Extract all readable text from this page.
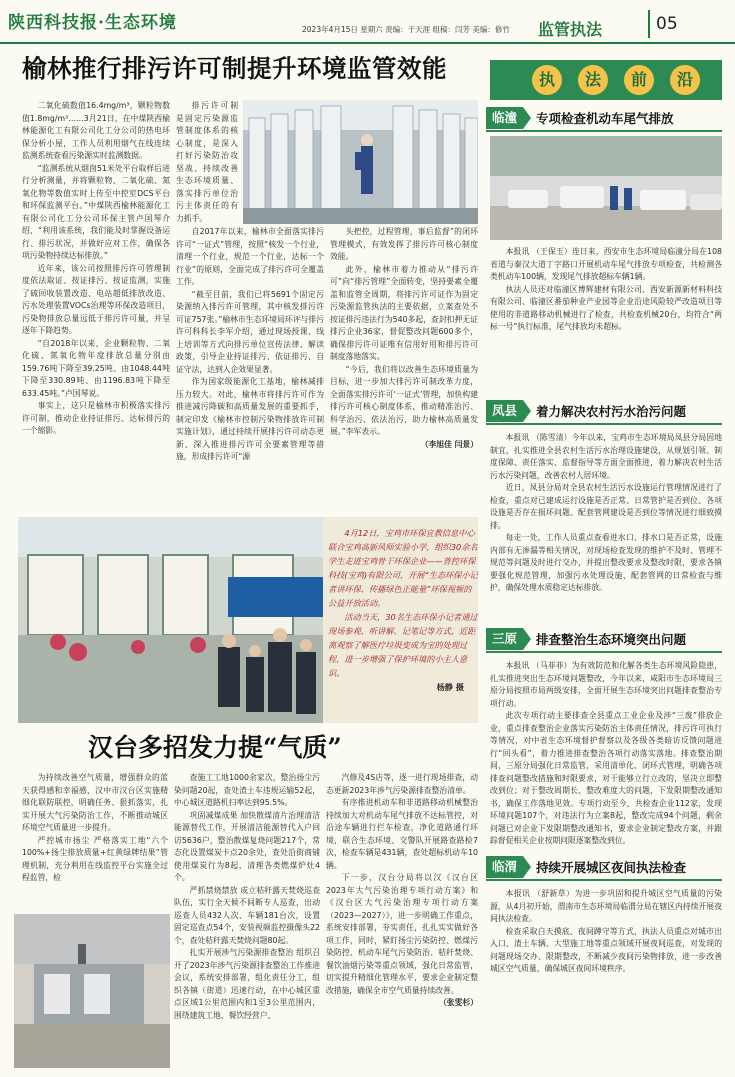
陕西科技报·生态环境	2023年4月15日 星期六 责编：于天涯 组稿：闫芳 美编：修竹 监管执法	05
榆林推行排污许可制提升环境监管效能

二氧化硫数值16.4mg/m³，颗粒物数值1.8mg/m³……3月21日，在中煤陕西榆林能源化工有限公司化工分公司的热电环保分析小屋，工作人员利用烟气在线连续监测系统查看污染源实时监测数据。

“监测系统从烟囱51米处平台取样后进行分析测量，并将颗粒物、二氧化硫、氮氧化物等数值实时上传至中控室DCS平台和环保监测平台。”中煤陕西榆林能源化工有限公司化工分公司环保主管卢国琴介绍，“利用该系统，我们能及时掌握设备运行、排污状况，并做好应对工作，确保各项污染物持续达标排放。”

近年来，该公司按照排污许可管理制度依法取证、按证排污、按证监测，实施了硫回收装置改造、电站超低排放改造、污水处理装置VOCs治理等环保改造项目，污染物排放总量远低于排污许可量，并呈逐年下降趋势。

“自2018年以来，企业颗粒物、二氧化硫、氮氧化物年度排放总量分别由159.76吨下降至39.25吨、由1048.44吨下降至330.89吨、由1196.83吨下降至633.45吨。”卢国琴说。

事实上，这只是榆林市积极落实排污许可制，推动企业持证排污、达标排污的一个缩影。

排污许可制是固定污染源监管制度体系的核心制度，是深入打好污染防治攻坚战、持续改善生态环境质量、落实排污单位治污主体责任的有力抓手。

自2017年以来，榆林市全面落实排污许可“一证式”管理，按照“核发一个行业，清理一个行业，规范一个行业，达标一个行业”的原则，全面完成了排污许可全覆盖工作。

“截至目前，我们已将5691个固定污染源纳入排污许可管理，其中核发排污许可证757张。”榆林市生态环境局环评与排污许可科科长李军介绍，通过现场授课、线上培训等方式向排污单位宣传法律、解读政策，引导企业持证排污、依证排污、自证守法，达到入企效果显著。

作为国家级能源化工基地，榆林减排压力较大。对此，榆林市将排污许可作为推进减污降碳和高质量发展的重要抓手，制定印发《榆林市控制污染物排放许可制实施计划》，通过持续开展排污许可动态更新、深入推进排污许可全要素管理等措施，形成排污许可“源

头把控，过程管理，事后监督”的闭环管理模式，有效发挥了排污许可核心制度效能。

此外，榆林市着力推动从“排污许可”向“排污管理”全面转变，坚持要素全覆盖和监管全周期，将排污许可证作为固定污染源监管执法的主要依据，立案查处不按证排污违法行为540多起，查封扣押无证排污企业36家，督促整改问题600多个，确保排污许可证唯有信用好用和排污许可制度落地落实。

“今后，我们将以改善生态环境质量为目标，进一步加大排污许可制改革力度，全面落实排污许可‘一证式’管理，加快构建排污许可核心制度体系，推动精准治污、科学治污、依法治污，助力榆林高质量发展。”李军表示。

（李旭佳 闫景）

4月12日，宝鸡市环保宣教信息中心联合宝鸡高新风师实验小学，组织30余名学生走进宝鸡骨干环保企业——普控环保科技(宝鸡)有限公司，开展“生态环保小记者讲环保、传播绿色正能量”环保视频的公益开放活动。

活动当天，30名生态环保小记者通过现场参观、听讲解、记笔记等方式，近距离观察了解医疗垃圾变成为宝的处理过程，进一步增强了保护环境的小主人意识。

杨静 摄

汉台多招发力提“气质”

为持续改善空气质量，增强群众的蓝天获得感和幸福感，汉中市汉台区实施精细化联防联控，明确任务、狠抓落实，扎实开展大气污染防治工作，不断推动城区环境空气质量进一步提升。

严控城市扬尘 严格落实工地“六个100%+扬尘排放质量+红黄绿牌结果”管理机制，充分利用在线监控平台实施全过程监管，检

查施工工地1000余家次，整治扬尘污染问题20起，查处渣土车违规运输52起，中心城区道路机扫率达到95.5%。

巩固减煤成果 加快散煤清片治理清洁能源替代工作，开展清洁能源替代入户回访5636户，整治散煤复烧问题217个，常态化设置煤炭卡点20余处，查处沿街商铺使用煤炭行为8起，清理各类燃煤炉灶4个。

严抓禁烧禁放 成立秸秆露天焚烧巡查队伍，实行全天候不间断专人巡查，出动巡查人员432人次、车辆181台次，设置固定巡查点54个，安装视频监控摄像头22个，查处秸秆露天焚烧问题80起。

扎实开展涉气污染源排查整治 组织召开了2023年涉气污染源排查整治工作推进会议，系统安排部署，组化责任分工，组织各镇（街道）迅速行动，在中心城区重点区域1公里范围内和1至3公里范围内，围绕建筑工地、餐饮经营户、

汽修及4S店等，逐一进行现场排查，动态更新2023年涉气污染源排查整治清单。

有序推进机动车和非道路移动机械整治 持续加大对机动车尾气排放不达标管控，对沿途车辆进行拦车检查，净化道路通行环境，联合生态环境、交警队开展路查路检7次，检查车辆是431辆，查处超标机动车10辆。

下一步，汉台分局将以汉《汉台区2023年大气污染治理专项行动方案》和《汉台区大气污染治理专项行动方案（2023—2027）》，进一步明确工作重点，系统安排部署，夯实责任，扎扎实实做好各项工作，同时，紧盯扬尘污染防控、燃煤污染防控、机动车尾气污染防治、秸秆焚烧、餐饮油烟污染等重点领域，强化日常监管，切实提升精细化管理水平，要求企业制定整改措施，确保全市空气质量持续改善。

（张雯杉）

执	法	前	沿
临潼	专项检查机动车尾气排放

本报讯 （王保玉）连日来，西安市生态环境局临潼分局在108省道与秦汉大道丁字路口开展机动车尾气排放专项检查，共检测各类机动车100辆，发现尾气排放超标车辆1辆。

执法人员还对临潼区博辉建材有限公司、西安新源新材料科技有限公司、临潼区番茄种业产业园等企业沿途风险较严改造项目等使用的非道路移动机械进行了检查，共检查机械20台，均符合“两标一号”执行标准，尾气排放均未超标。

凤县	着力解决农村污水治污问题

本报讯 （陈雪清）今年以来，宝鸡市生态环境局凤县分局因地制宜，扎实推进全县农村生活污水治理设施建设，从规划引领、制度保障、责任落实、监督指导等方面全面推进，着力解决农村生活污水污染问题，改善农村人居环境。

近日，凤县分局对全县农村生活污水设施运行管理情况进行了检查，重点对已建成运行设施是否正常、日常管护是否到位、各项设施是否存在损坏问题、配套管网建设是否到位等情况进行细致摸排。

每走一处，工作人员重点查看进水口、排水口是否正常，设施内部有无渗漏等相关情况，对现场检查发现的维护不及时、管理不规范等问题及时进行交办，并提出整改要求及整改时限，要求各镇要强化规范管理，加强污水处理设施、配套管网的日常检查与维护，确保处理水质稳定达标排放。

三原	排查整治生态环境突出问题

本报讯 （马菲菲）为有效防范和化解各类生态环境风险隐患，扎实推进突出生态环境问题整改，今年以来，咸阳市生态环境局三原分局按照市局两级安排，全面开展生态环境突出问题排查整治专项行动。

此次专项行动主要排查全县重点工业企业及涉“三废”排放企业，重点排查整治企业落实污染防治主体责任情况，排污许可执行等情况，对中省生态环境督护督察以及各级各类暗访反馈问题进行“回头看”，着力推进排查整治各项行动落实落地。排查整治期间，三原分局强化日常监管，采用清单化、闭环式管理，明确各项排查问题整改措施和时限要求，对干能够立行立改的，坚决立即整改到位；对于整改周期长、整改难度大的问题，下发限期整改通知书，确保工作落地见效。专项行动至今，共检查企业112家，发现环境问题107个，对违法行为立案8起，整改完成94个问题，剩余问题已对企业下发限期整改通知书，要求企业制定整改方案，并跟踪督促相关企业按期问限逐案整改到位。

临渭	持续开展城区夜间执法检查

本报讯 （舒新草）为进一步巩固和提升城区空气质量的污染源，从4月初开始，渭南市生态环境局临渭分局在辖区内持续开展夜间执法检查。

检查采取白天摸底、夜间蹲守等方式，执法人员重点对城市出入口、渣土车辆、大型施工地等重点领域开展夜间巡查，对发现的问题现场交办、限期整改，不断减少夜间污染物排放，进一步改善城区空气质量，确保城区夜间环境秩序。
